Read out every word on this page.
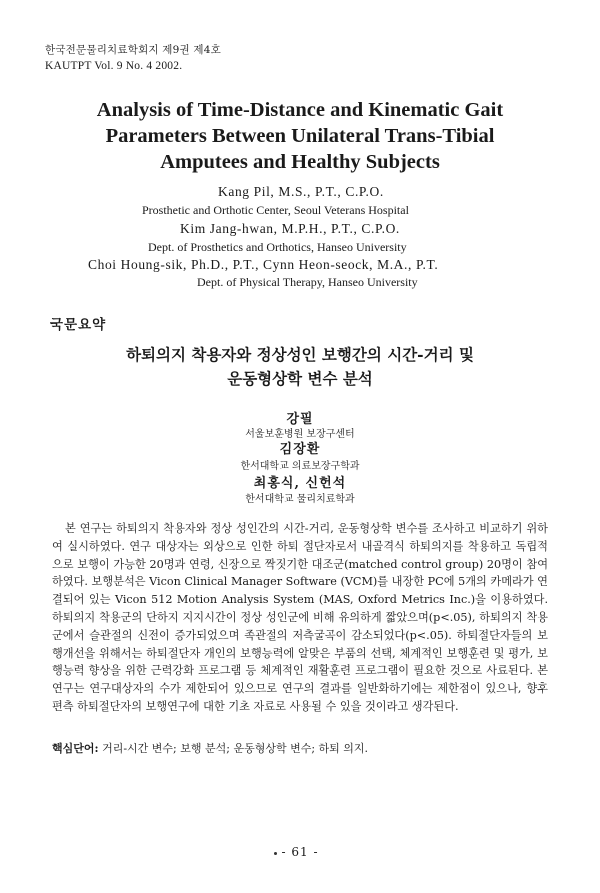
한국전문물리치료학회지 제9권 제4호
KAUTPT Vol. 9 No. 4 2002.
Analysis of Time-Distance and Kinematic Gait
Parameters Between Unilateral Trans-Tibial
Amputees and Healthy Subjects
Kang Pil, M.S., P.T., C.P.O.
Prosthetic and Orthotic Center, Seoul Veterans Hospital
Kim Jang-hwan, M.P.H., P.T., C.P.O.
Dept. of Prosthetics and Orthotics, Hanseo University
Choi Houng-sik, Ph.D., P.T., Cynn Heon-seock, M.A., P.T.
Dept. of Physical Therapy, Hanseo University
국문요약
하퇴의지 착용자와 정상성인 보행간의 시간-거리 및
운동형상학 변수 분석
강필
서울보훈병원 보장구센터
김장환
한서대학교 의료보장구학과
최홍식, 신헌석
한서대학교 물리치료학과
본 연구는 하퇴의지 착용자와 정상 성인간의 시간-거리, 운동형상학 변수를 조사하고 비교하기 위하여 실시하였다. 연구 대상자는 외상으로 인한 하퇴 절단자로서 내골격식 하퇴의지를 착용하고 독립적으로 보행이 가능한 20명과 연령, 신장으로 짝짓기한 대조군(matched control group) 20명이 참여하였다. 보행분석은 Vicon Clinical Manager Software (VCM)를 내장한 PC에 5개의 카메라가 연결되어 있는 Vicon 512 Motion Analysis System (MAS, Oxford Metrics Inc.)을 이용하였다. 하퇴의지 착용군의 단하지 지지시간이 정상 성인군에 비해 유의하게 짧았으며(p<.05), 하퇴의지 착용군에서 슬관절의 신전이 증가되었으며 족관절의 저측굴곡이 감소되었다(p<.05). 하퇴절단자들의 보행개선을 위해서는 하퇴절단자 개인의 보행능력에 알맞은 부품의 선택, 체계적인 보행훈련 및 평가, 보행능력 향상을 위한 근력강화 프로그램 등 체계적인 재활훈련 프로그램이 필요한 것으로 사료된다. 본 연구는 연구대상자의 수가 제한되어 있으므로 연구의 결과를 일반화하기에는 제한점이 있으나, 향후 편측 하퇴절단자의 보행연구에 대한 기초 자료로 사용될 수 있을 것이라고 생각된다.
핵심단어: 거리-시간 변수; 보행 분석; 운동형상학 변수; 하퇴 의지.
- 61 -
